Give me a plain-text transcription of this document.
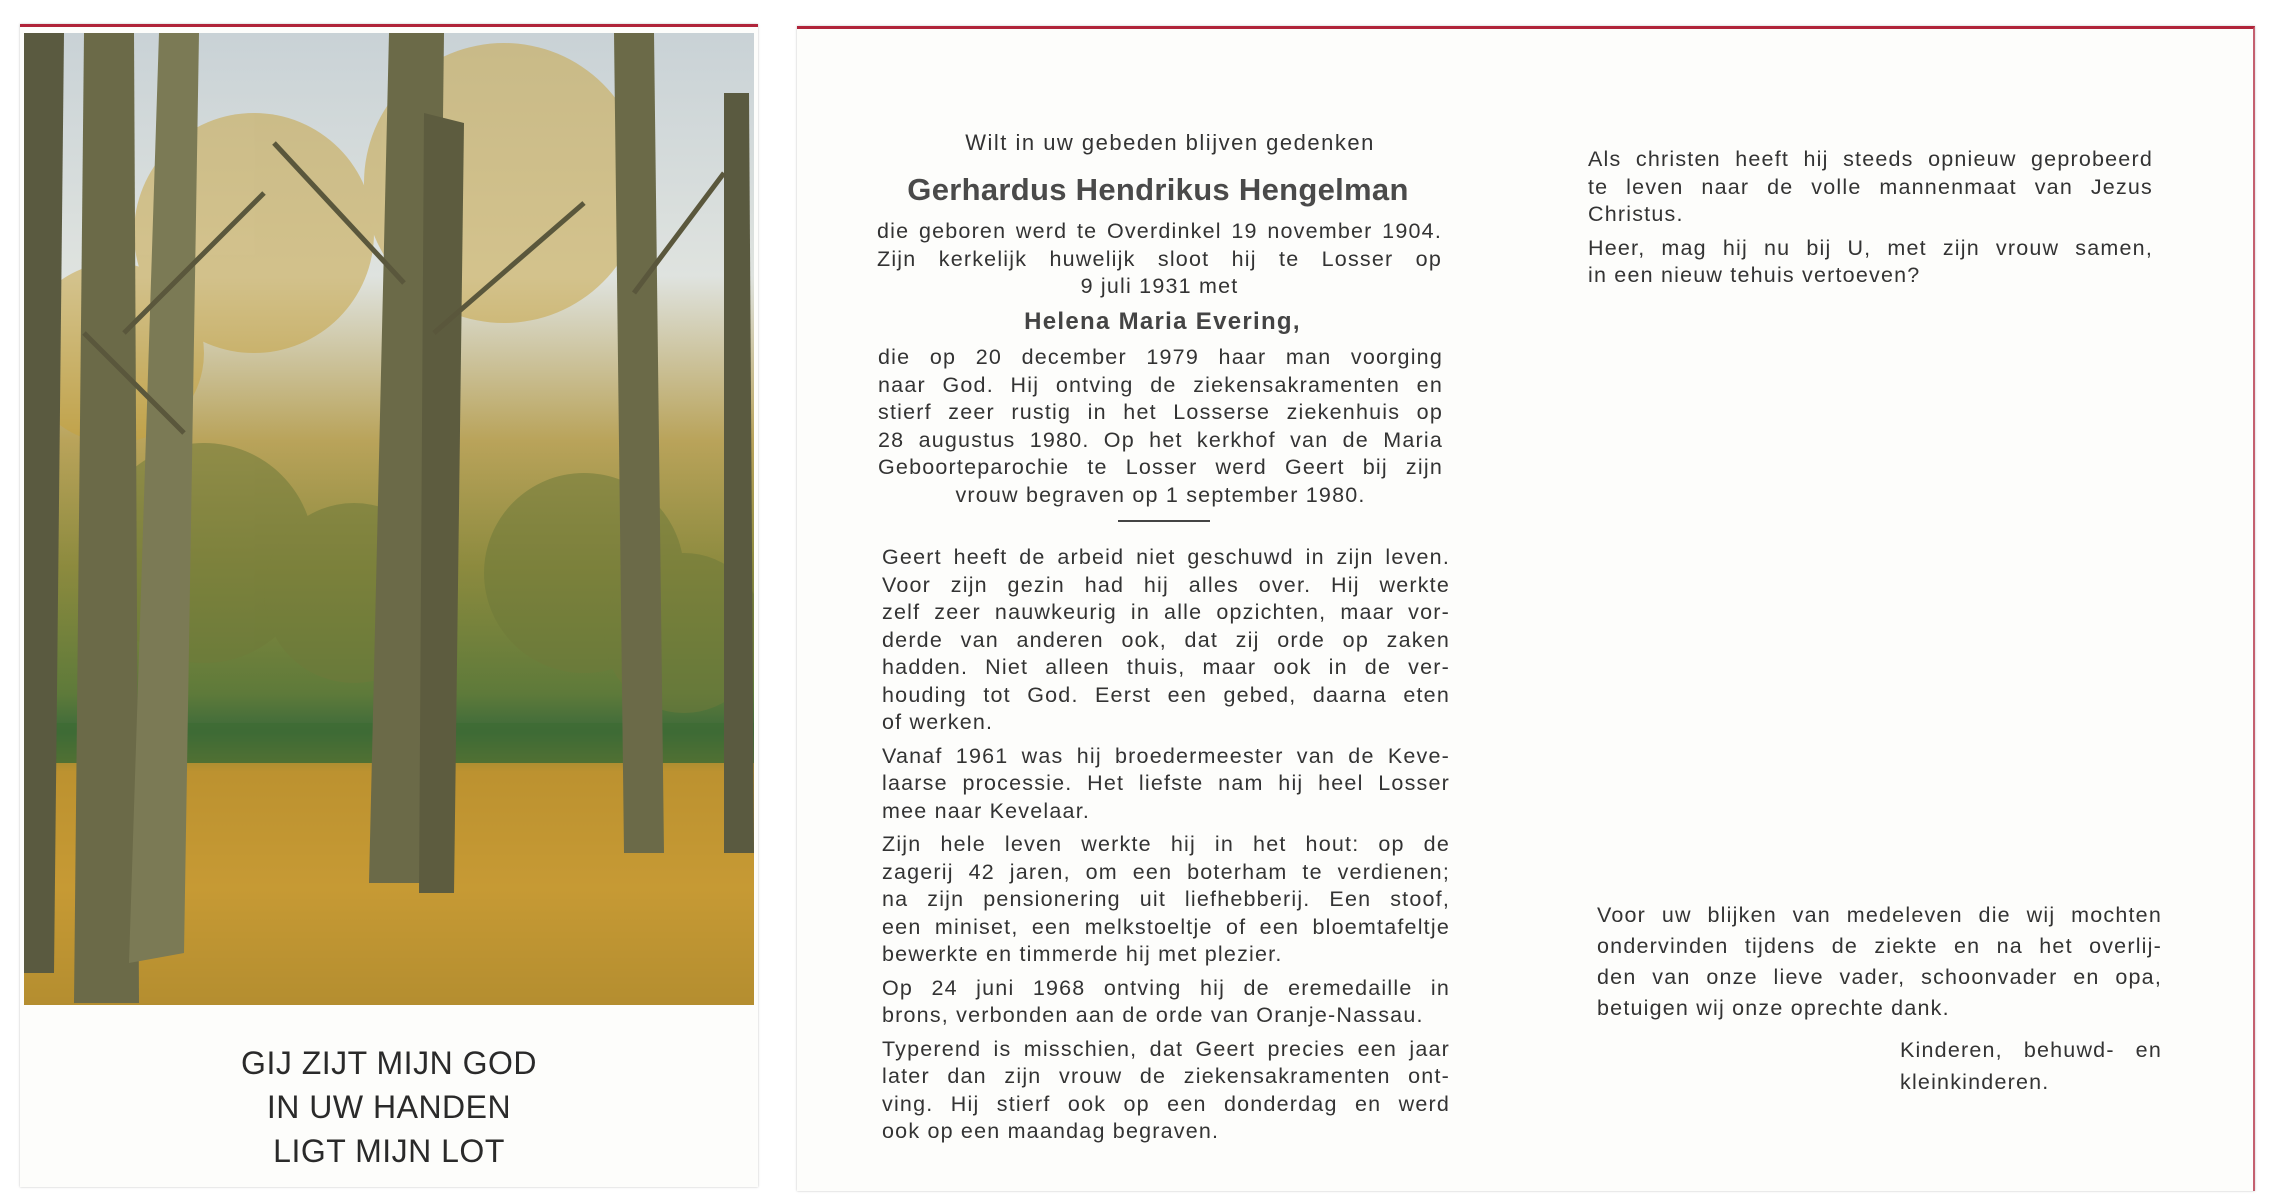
GIJ ZIJT MIJN GOD
IN UW HANDEN
LIGT MIJN LOT
Wilt in uw gebeden blijven gedenken
Gerhardus Hendrikus Hengelman
die geboren werd te Overdinkel 19 november 1904.
Zijn kerkelijk huwelijk sloot hij te Losser op
9 juli 1931 met
Helena Maria Evering,
die op 20 december 1979 haar man voorging
naar God. Hij ontving de ziekensakramenten en
stierf zeer rustig in het Losserse ziekenhuis op
28 augustus 1980. Op het kerkhof van de Maria
Geboorteparochie te Losser werd Geert bij zijn
vrouw begraven op 1 september 1980.
Geert heeft de arbeid niet geschuwd in zijn leven.
Voor zijn gezin had hij alles over. Hij werkte
zelf zeer nauwkeurig in alle opzichten, maar vor-
derde van anderen ook, dat zij orde op zaken
hadden. Niet alleen thuis, maar ook in de ver-
houding tot God. Eerst een gebed, daarna eten
of werken.
Vanaf 1961 was hij broedermeester van de Keve-
laarse processie. Het liefste nam hij heel Losser
mee naar Kevelaar.
Zijn hele leven werkte hij in het hout: op de
zagerij 42 jaren, om een boterham te verdienen;
na zijn pensionering uit liefhebberij. Een stoof,
een miniset, een melkstoeltje of een bloemtafeltje
bewerkte en timmerde hij met plezier.
Op 24 juni 1968 ontving hij de eremedaille in
brons, verbonden aan de orde van Oranje-Nassau.
Typerend is misschien, dat Geert precies een jaar
later dan zijn vrouw de ziekensakramenten ont-
ving. Hij stierf ook op een donderdag en werd
ook op een maandag begraven.
Als christen heeft hij steeds opnieuw geprobeerd
te leven naar de volle mannenmaat van Jezus
Christus.
Heer, mag hij nu bij U, met zijn vrouw samen,
in een nieuw tehuis vertoeven?
Voor uw blijken van medeleven die wij mochten
ondervinden tijdens de ziekte en na het overlij-
den van onze lieve vader, schoonvader en opa,
betuigen wij onze oprechte dank.
Kinderen, behuwd- en
kleinkinderen.
